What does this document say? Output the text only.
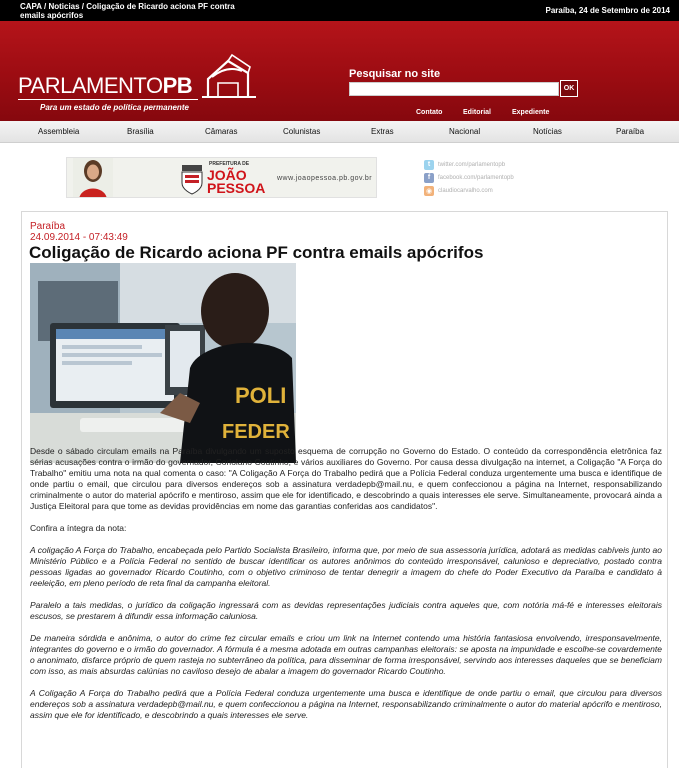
CAPA / Noticias / Coligação de Ricardo aciona PF contra emails apócrifos
Paraíba, 24 de Setembro de 2014
PARLAMENTOPB
Para um estado de política permanente
Pesquisar no site
OK
Contato	Editorial	Expediente
Assembleia	Brasília	Câmaras	Colunistas	Extras	Nacional	Notícias	Paraíba
PREFEITURA DE
JOÃO
PESSOA
www.joaopessoa.pb.gov.br
t	twitter.com/parlamentopb
f	facebook.com/parlamentopb
◉ claudiocarvalho.com
Paraíba
24.09.2014 - 07:43:49
Coligação de Ricardo aciona PF contra emails apócrifos
POLI
FEDER

Desde o sábado circulam emails na Paraíba divulgando um suposto esquema de corrupção no Governo do Estado. O conteúdo da correspondência eletrônica faz sérias acusações contra o irmão do governador, Coriolano Coutinho, e vários auxiliares do Governo. Por causa dessa divulgação na internet, a Coligação "A Força do Trabalho" emitiu uma nota na qual comenta o caso: "A Coligação A Força do Trabalho pedirá que a Polícia Federal conduza urgentemente uma busca e identifique de onde partiu o email, que circulou para diversos endereços sob a assinatura verdadepb@mail.nu, e quem confeccionou a página na Internet, responsabilizando criminalmente o autor do material apócrifo e mentiroso, assim que ele for identificado, e descobrindo a quais interesses ele serve. Simultaneamente, provocará ainda a Justiça Eleitoral para que tome as devidas providências em nome das garantias conferidas aos candidatos".

Confira a íntegra da nota:

A coligação A Força do Trabalho, encabeçada pelo Partido Socialista Brasileiro, informa que, por meio de sua assessoria jurídica, adotará as medidas cabíveis junto ao Ministério Público e a Polícia Federal no sentido de buscar identificar os autores anônimos do conteúdo irresponsável, calunioso e depreciativo, postado contra pessoas ligadas ao governador Ricardo Coutinho, com o objetivo criminoso de tentar denegrir a imagem do chefe do Poder Executivo da Paraíba e candidato à reeleição, em pleno período de reta final da campanha eleitoral.

Paralelo a tais medidas, o jurídico da coligação ingressará com as devidas representações judiciais contra aqueles que, com notória má-fé e interesses eleitorais escusos, se prestarem à difundir essa informação caluniosa.

De maneira sórdida e anônima, o autor do crime fez circular emails e criou um link na Internet contendo uma história fantasiosa envolvendo, irresponsavelmente, integrantes do governo e o irmão do governador. A fórmula é a mesma adotada em outras campanhas eleitorais: se aposta na impunidade e escolhe-se covardemente o anonimato, disfarce próprio de quem rasteja no subterrâneo da política, para disseminar de forma irresponsável, servindo aos interesses daqueles que se beneficiam com isso, as mais absurdas calúnias no caviloso desejo de abalar a imagem do governador Ricardo Coutinho.

A Coligação A Força do Trabalho pedirá que a Polícia Federal conduza urgentemente uma busca e identifique de onde partiu o email, que circulou para diversos endereços sob a assinatura verdadepb@mail.nu, e quem confeccionou a página na Internet, responsabilizando criminalmente o autor do material apócrifo e mentiroso, assim que ele for identificado, e descobrindo a quais interesses ele serve.
